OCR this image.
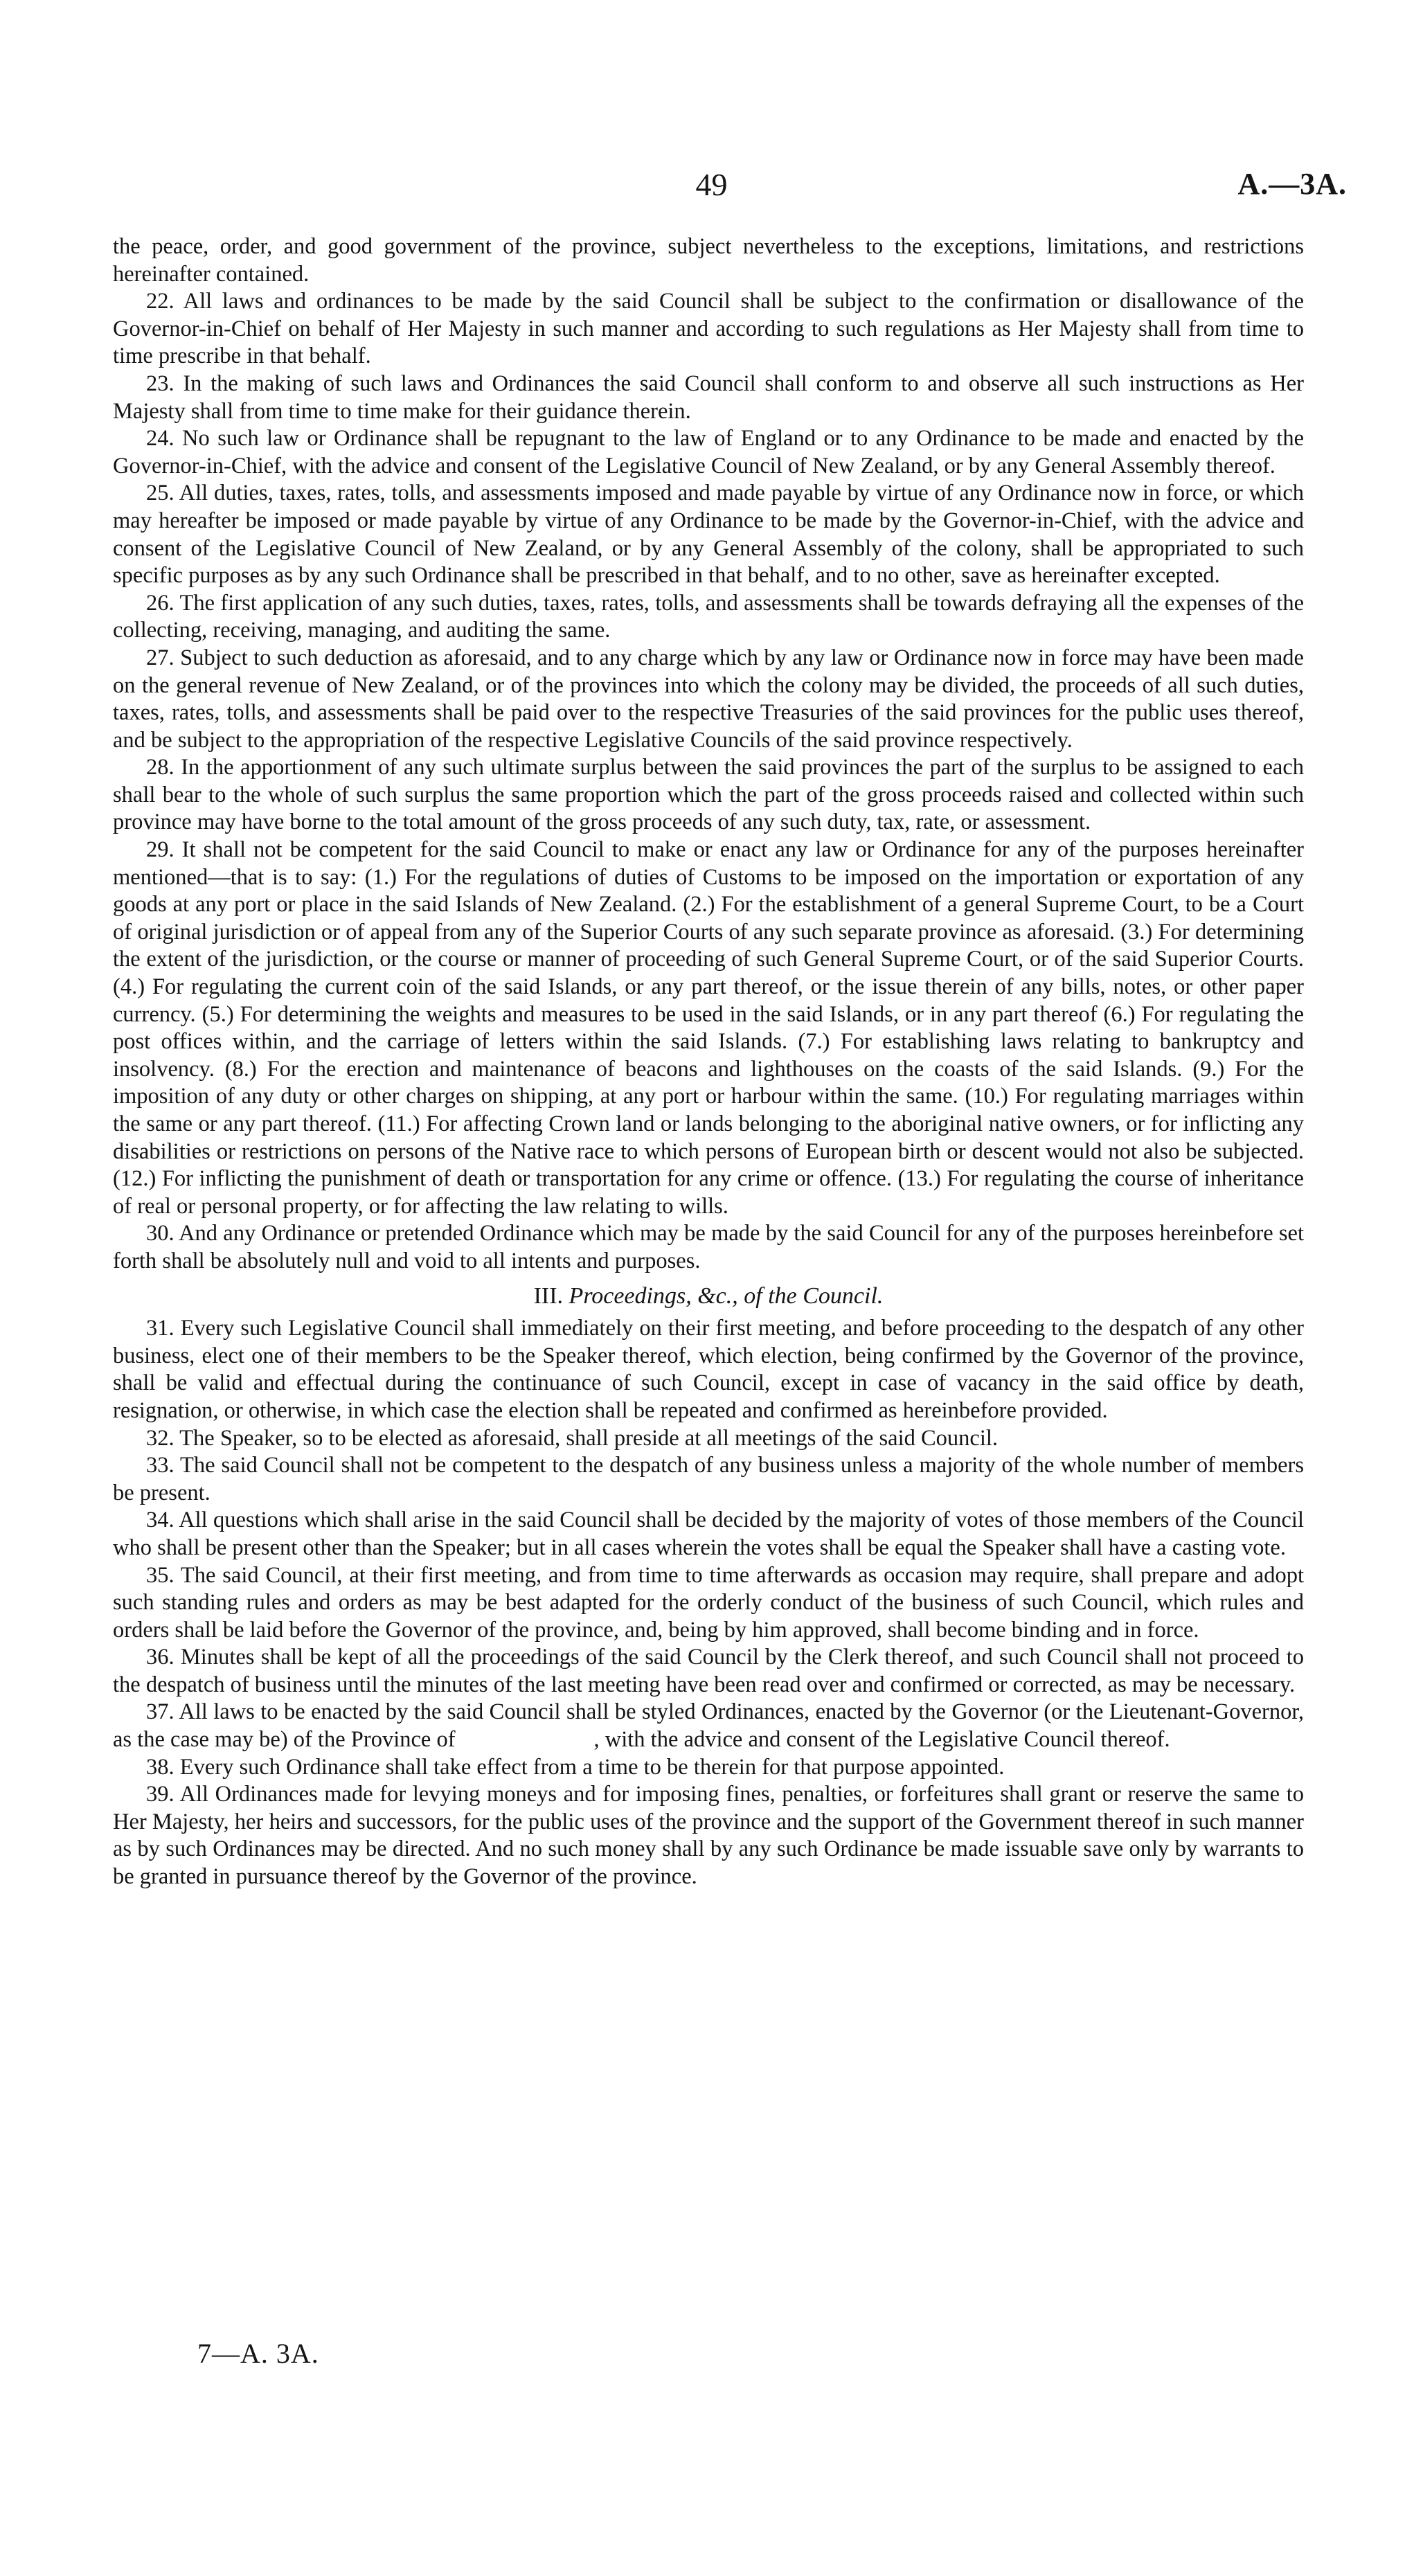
49	A.—3A.

the peace, order, and good government of the province, subject nevertheless to the exceptions, limitations, and restrictions hereinafter contained.

22. All laws and ordinances to be made by the said Council shall be subject to the confirmation or disallowance of the Governor-in-Chief on behalf of Her Majesty in such manner and according to such regulations as Her Majesty shall from time to time prescribe in that behalf.

23. In the making of such laws and Ordinances the said Council shall conform to and observe all such instructions as Her Majesty shall from time to time make for their guidance therein.

24. No such law or Ordinance shall be repugnant to the law of England or to any Ordinance to be made and enacted by the Governor-in-Chief, with the advice and consent of the Legislative Council of New Zealand, or by any General Assembly thereof.

25. All duties, taxes, rates, tolls, and assessments imposed and made payable by virtue of any Ordinance now in force, or which may hereafter be imposed or made payable by virtue of any Ordinance to be made by the Governor-in-Chief, with the advice and consent of the Legislative Council of New Zealand, or by any General Assembly of the colony, shall be appropriated to such specific purposes as by any such Ordinance shall be prescribed in that behalf, and to no other, save as hereinafter excepted.

26. The first application of any such duties, taxes, rates, tolls, and assessments shall be towards defraying all the expenses of the collecting, receiving, managing, and auditing the same.

27. Subject to such deduction as aforesaid, and to any charge which by any law or Ordinance now in force may have been made on the general revenue of New Zealand, or of the provinces into which the colony may be divided, the proceeds of all such duties, taxes, rates, tolls, and assessments shall be paid over to the respective Treasuries of the said provinces for the public uses thereof, and be subject to the appropriation of the respective Legislative Councils of the said province respectively.

28. In the apportionment of any such ultimate surplus between the said provinces the part of the surplus to be assigned to each shall bear to the whole of such surplus the same proportion which the part of the gross proceeds raised and collected within such province may have borne to the total amount of the gross proceeds of any such duty, tax, rate, or assessment.

29. It shall not be competent for the said Council to make or enact any law or Ordinance for any of the purposes hereinafter mentioned—that is to say: (1.) For the regulations of duties of Customs to be imposed on the importation or exportation of any goods at any port or place in the said Islands of New Zealand. (2.) For the establishment of a general Supreme Court, to be a Court of original jurisdiction or of appeal from any of the Superior Courts of any such separate province as aforesaid. (3.) For determining the extent of the jurisdiction, or the course or manner of proceeding of such General Supreme Court, or of the said Superior Courts. (4.) For regulating the current coin of the said Islands, or any part thereof, or the issue therein of any bills, notes, or other paper currency. (5.) For determining the weights and measures to be used in the said Islands, or in any part thereof (6.) For regulating the post offices within, and the carriage of letters within the said Islands. (7.) For establishing laws relating to bankruptcy and insolvency. (8.) For the erection and maintenance of beacons and lighthouses on the coasts of the said Islands. (9.) For the imposition of any duty or other charges on shipping, at any port or harbour within the same. (10.) For regulating marriages within the same or any part thereof. (11.) For affecting Crown land or lands belonging to the aboriginal native owners, or for inflicting any disabilities or restrictions on persons of the Native race to which persons of European birth or descent would not also be subjected. (12.) For inflicting the punishment of death or transportation for any crime or offence. (13.) For regulating the course of inheritance of real or personal property, or for affecting the law relating to wills.

30. And any Ordinance or pretended Ordinance which may be made by the said Council for any of the purposes hereinbefore set forth shall be absolutely null and void to all intents and purposes.

III. Proceedings, &c., of the Council.

31. Every such Legislative Council shall immediately on their first meeting, and before proceeding to the despatch of any other business, elect one of their members to be the Speaker thereof, which election, being confirmed by the Governor of the province, shall be valid and effectual during the continuance of such Council, except in case of vacancy in the said office by death, resignation, or otherwise, in which case the election shall be repeated and confirmed as hereinbefore provided.

32. The Speaker, so to be elected as aforesaid, shall preside at all meetings of the said Council.

33. The said Council shall not be competent to the despatch of any business unless a majority of the whole number of members be present.

34. All questions which shall arise in the said Council shall be decided by the majority of votes of those members of the Council who shall be present other than the Speaker; but in all cases wherein the votes shall be equal the Speaker shall have a casting vote.

35. The said Council, at their first meeting, and from time to time afterwards as occasion may require, shall prepare and adopt such standing rules and orders as may be best adapted for the orderly conduct of the business of such Council, which rules and orders shall be laid before the Governor of the province, and, being by him approved, shall become binding and in force.

36. Minutes shall be kept of all the proceedings of the said Council by the Clerk thereof, and such Council shall not proceed to the despatch of business until the minutes of the last meeting have been read over and confirmed or corrected, as may be necessary.

37. All laws to be enacted by the said Council shall be styled Ordinances, enacted by the Governor (or the Lieutenant-Governor, as the case may be) of the Province of	, with the advice and consent of the Legislative Council thereof.

38. Every such Ordinance shall take effect from a time to be therein for that purpose appointed.

39. All Ordinances made for levying moneys and for imposing fines, penalties, or forfeitures shall grant or reserve the same to Her Majesty, her heirs and successors, for the public uses of the province and the support of the Government thereof in such manner as by such Ordinances may be directed. And no such money shall by any such Ordinance be made issuable save only by warrants to be granted in pursuance thereof by the Governor of the province.

7—A. 3A.
